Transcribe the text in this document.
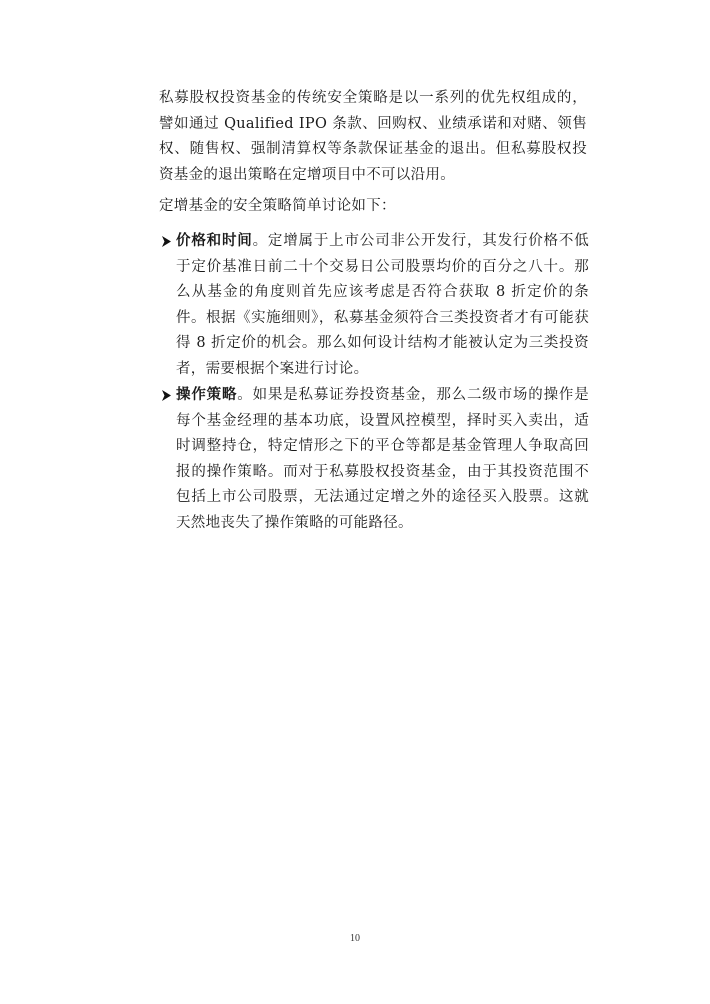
私募股权投资基金的传统安全策略是以一系列的优先权组成的，譬如通过 Qualified IPO 条款、回购权、业绩承诺和对赌、领售权、随售权、强制清算权等条款保证基金的退出。但私募股权投资基金的退出策略在定增项目中不可以沿用。

定增基金的安全策略简单讨论如下：

价格和时间。定增属于上市公司非公开发行，其发行价格不低于定价基准日前二十个交易日公司股票均价的百分之八十。那么从基金的角度则首先应该考虑是否符合获取 8 折定价的条件。根据《实施细则》，私募基金须符合三类投资者才有可能获得 8 折定价的机会。那么如何设计结构才能被认定为三类投资者，需要根据个案进行讨论。
操作策略。如果是私募证券投资基金，那么二级市场的操作是每个基金经理的基本功底，设置风控模型，择时买入卖出，适时调整持仓，特定情形之下的平仓等都是基金管理人争取高回报的操作策略。而对于私募股权投资基金，由于其投资范围不包括上市公司股票，无法通过定增之外的途径买入股票。这就天然地丧失了操作策略的可能路径。
10
